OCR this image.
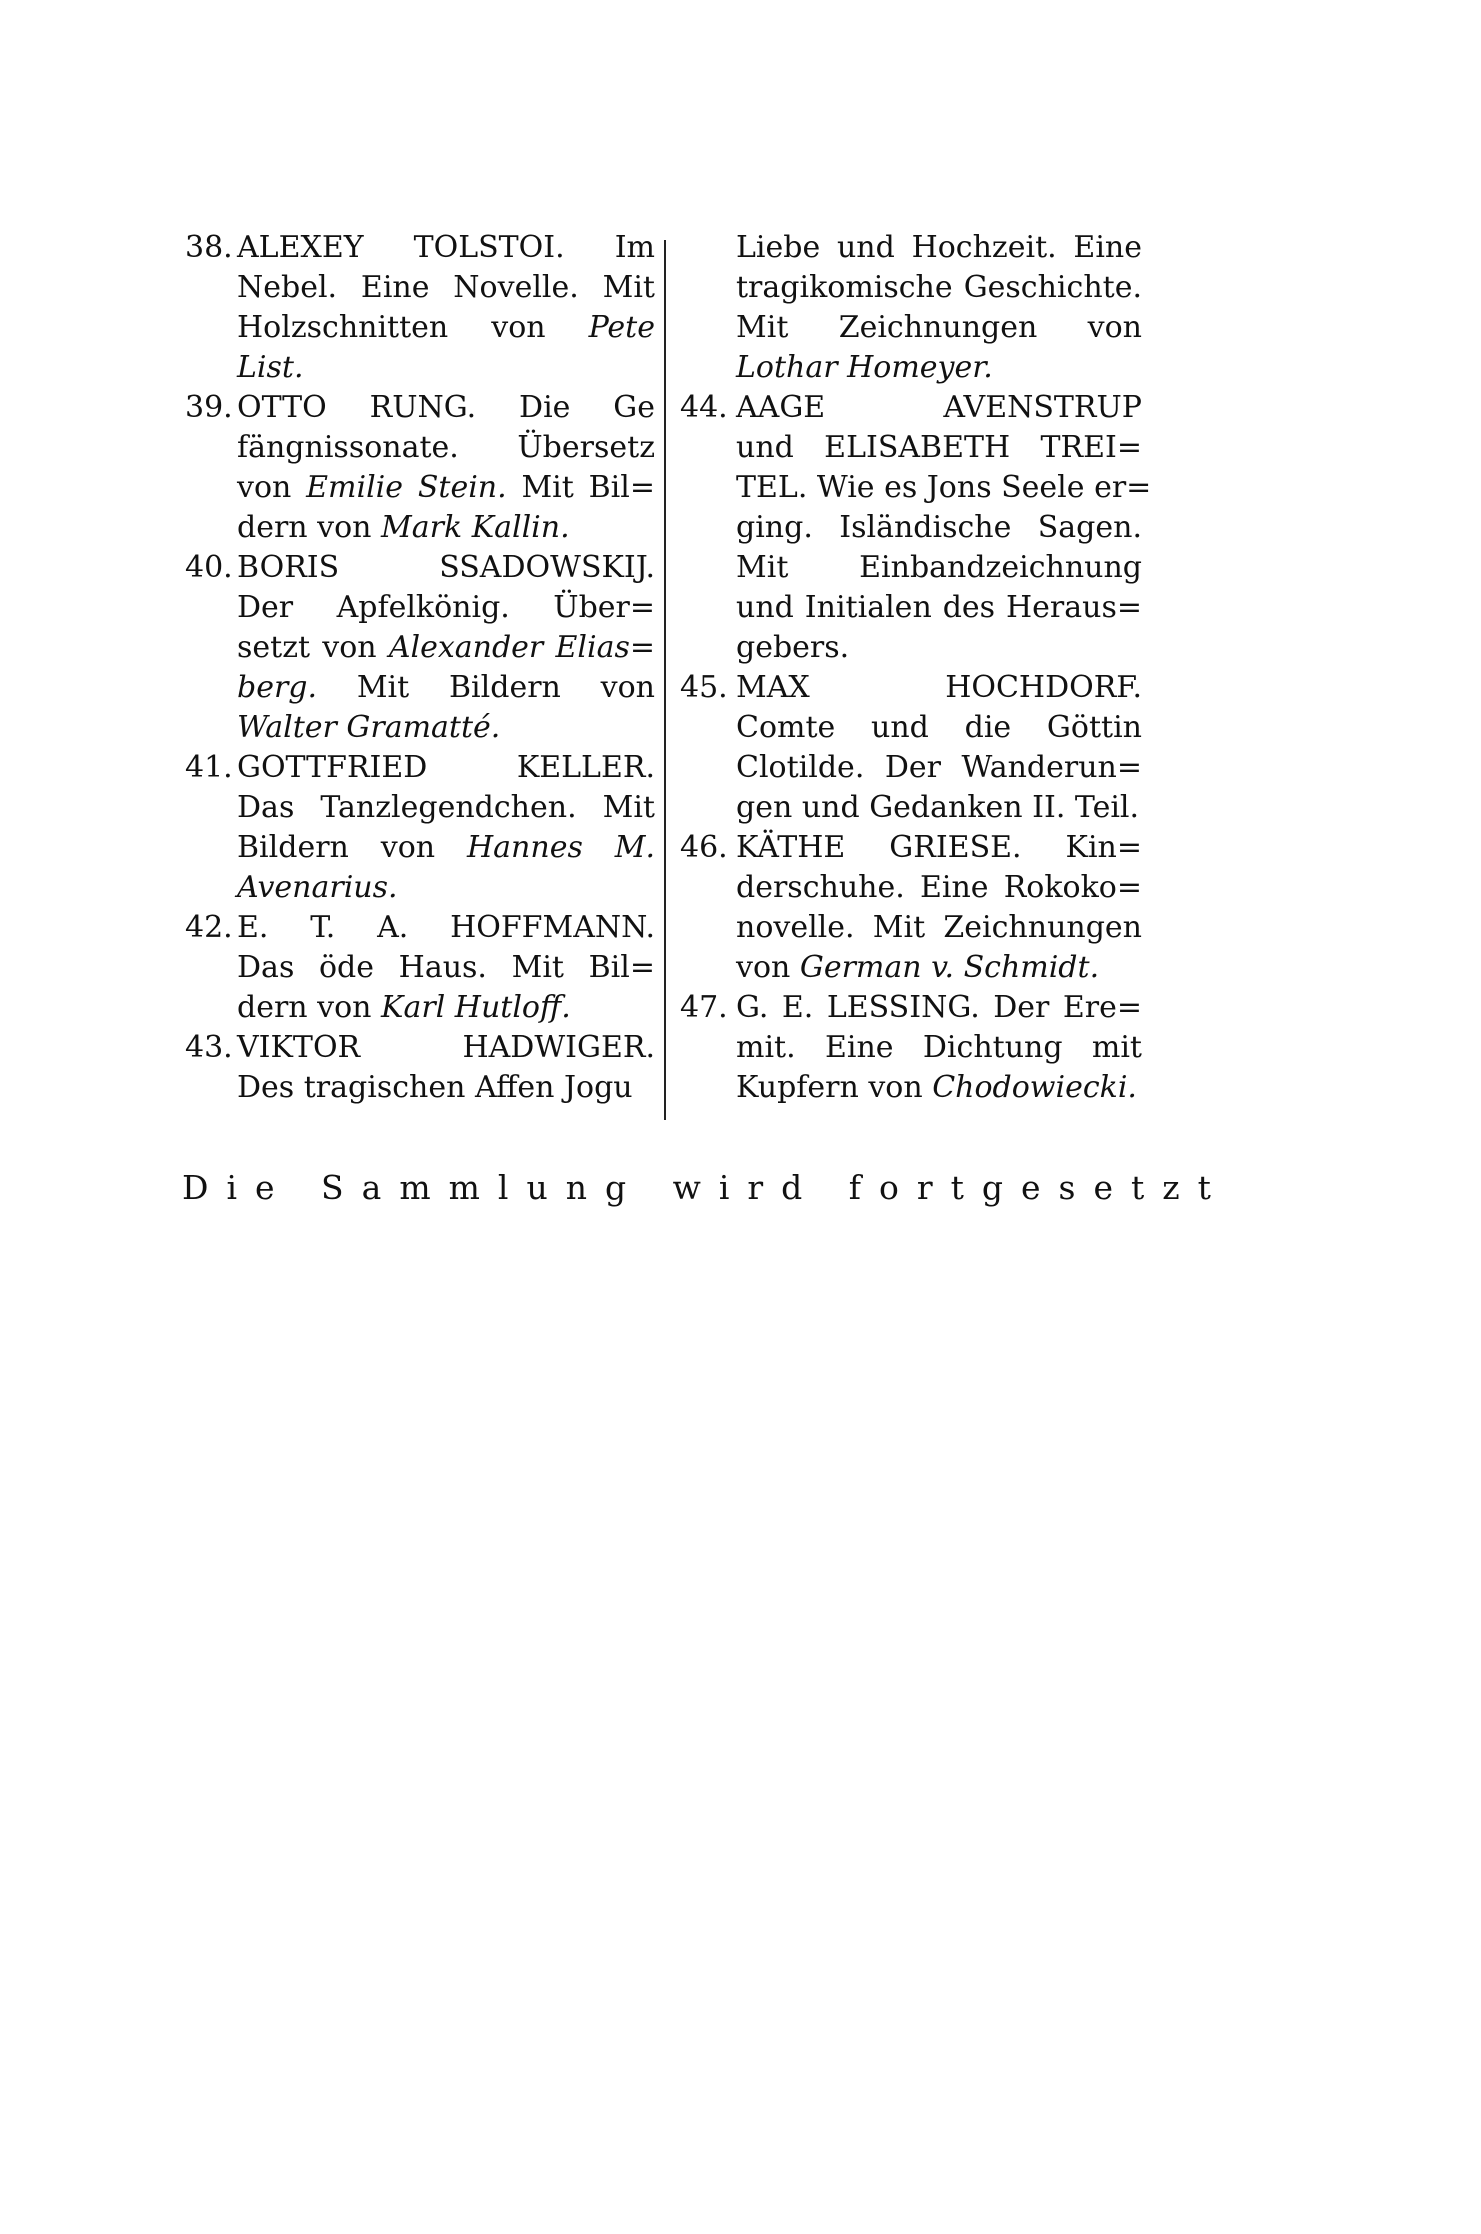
38. ALEXEY TOLSTOI. Im
Nebel. Eine Novelle. Mit
Holzschnitten von Pete
List.
39. OTTO RUNG. Die Ge
fängnissonate. Übersetz
von Emilie Stein. Mit Bil=
dern von Mark Kallin.
40. BORIS SSADOWSKIJ.
Der Apfelkönig. Über=
setzt von Alexander Elias=
berg. Mit Bildern von
Walter Gramatté.
41. GOTTFRIED KELLER.
Das Tanzlegendchen. Mit
Bildern von Hannes M.
Avenarius.
42. E. T. A. HOFFMANN.
Das öde Haus. Mit Bil=
dern von Karl Hutloff.
43. VIKTOR HADWIGER.
Des tragischen Affen Jogu
Liebe und Hochzeit. Eine
tragikomische Geschichte.
Mit Zeichnungen von
Lothar Homeyer.
44. AAGE AVENSTRUP
und ELISABETH TREI=
TEL. Wie es Jons Seele er=
ging. Isländische Sagen.
Mit Einbandzeichnung
und Initialen des Heraus=
gebers.
45. MAX HOCHDORF.
Comte und die Göttin
Clotilde. Der Wanderun=
gen und Gedanken II. Teil.
46. KÄTHE GRIESE. Kin=
derschuhe. Eine Rokoko=
novelle. Mit Zeichnungen
von German v. Schmidt.
47. G. E. LESSING. Der Ere=
mit. Eine Dichtung mit
Kupfern von Chodowiecki.
Die Sammlung wird fortgesetzt
